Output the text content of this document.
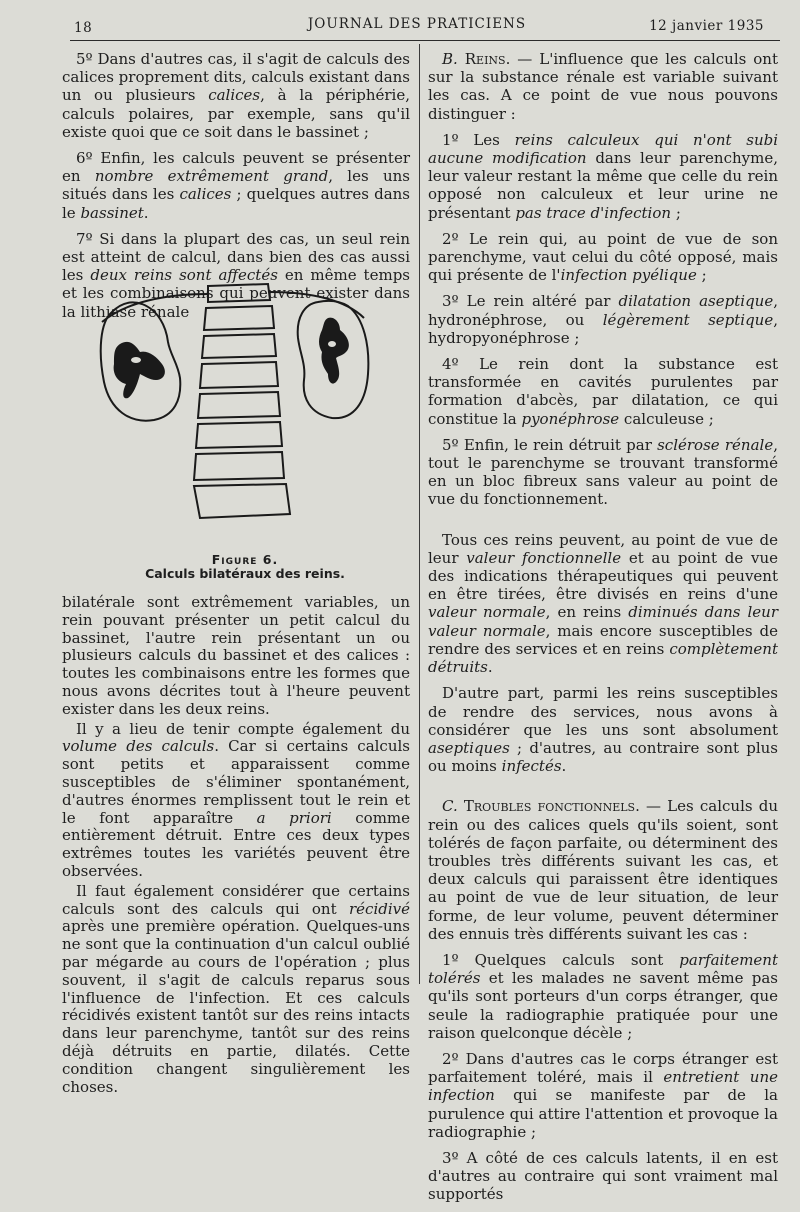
18	JOURNAL DES PRATICIENS	12 janvier 1935

5º Dans d'autres cas, il s'agit de calculs des calices proprement dits, calculs existant dans un ou plusieurs calices, à la périphérie, calculs polaires, par exemple, sans qu'il existe quoi que ce soit dans le bassinet ;

6º Enfin, les calculs peuvent se présenter en nombre extrêmement grand, les uns situés dans les calices ; quelques autres dans le bassinet.

7º Si dans la plupart des cas, un seul rein est atteint de calcul, dans bien des cas aussi les deux reins sont affectés en même temps et les combinaisons qui peuvent exister dans la lithiase rénale

Figure 6.
Calculs bilatéraux des reins.

bilatérale sont extrêmement variables, un rein pouvant présenter un petit calcul du bassinet, l'autre rein présentant un ou plusieurs calculs du bassinet et des calices : toutes les combinaisons entre les formes que nous avons décrites tout à l'heure peuvent exister dans les deux reins.

Il y a lieu de tenir compte également du volume des calculs. Car si certains calculs sont petits et apparaissent comme susceptibles de s'éliminer spontanément, d'autres énormes remplissent tout le rein et le font apparaître a priori comme entièrement détruit. Entre ces deux types extrêmes toutes les variétés peuvent être observées.

Il faut également considérer que certains calculs sont des calculs qui ont récidivé après une première opération. Quelques-uns ne sont que la continuation d'un calcul oublié par mégarde au cours de l'opération ; plus souvent, il s'agit de calculs reparus sous l'influence de l'infection. Et ces calculs récidivés existent tantôt sur des reins intacts dans leur parenchyme, tantôt sur des reins déjà détruits en partie, dilatés. Cette condition changent singulièrement les choses.

B. Reins. — L'influence que les calculs ont sur la substance rénale est variable suivant les cas. A ce point de vue nous pouvons distinguer :

1º Les reins calculeux qui n'ont subi aucune modification dans leur parenchyme, leur valeur restant la même que celle du rein opposé non calculeux et leur urine ne présentant pas trace d'infection ;

2º Le rein qui, au point de vue de son parenchyme, vaut celui du côté opposé, mais qui présente de l'infection pyélique ;

3º Le rein altéré par dilatation aseptique, hydronéphrose, ou légèrement septique, hydropyonéphrose ;

4º Le rein dont la substance est transformée en cavités purulentes par formation d'abcès, par dilatation, ce qui constitue la pyonéphrose calculeuse ;

5º Enfin, le rein détruit par sclérose rénale, tout le parenchyme se trouvant transformé en un bloc fibreux sans valeur au point de vue du fonctionnement.

Tous ces reins peuvent, au point de vue de leur valeur fonctionnelle et au point de vue des indications thérapeutiques qui peuvent en être tirées, être divisés en reins d'une valeur normale, en reins diminués dans leur valeur normale, mais encore susceptibles de rendre des services et en reins complètement détruits.

D'autre part, parmi les reins susceptibles de rendre des services, nous avons à considérer que les uns sont absolument aseptiques ; d'autres, au contraire sont plus ou moins infectés.

C. Troubles fonctionnels. — Les calculs du rein ou des calices quels qu'ils soient, sont tolérés de façon parfaite, ou déterminent des troubles très différents suivant les cas, et deux calculs qui paraissent être identiques au point de vue de leur situation, de leur forme, de leur volume, peuvent déterminer des ennuis très différents suivant les cas :

1º Quelques calculs sont parfaitement tolérés et les malades ne savent même pas qu'ils sont porteurs d'un corps étranger, que seule la radiographie pratiquée pour une raison quelconque décèle ;

2º Dans d'autres cas le corps étranger est parfaitement toléré, mais il entretient une infection qui se manifeste par de la purulence qui attire l'attention et provoque la radiographie ;

3º A côté de ces calculs latents, il en est d'autres au contraire qui sont vraiment mal supportés
